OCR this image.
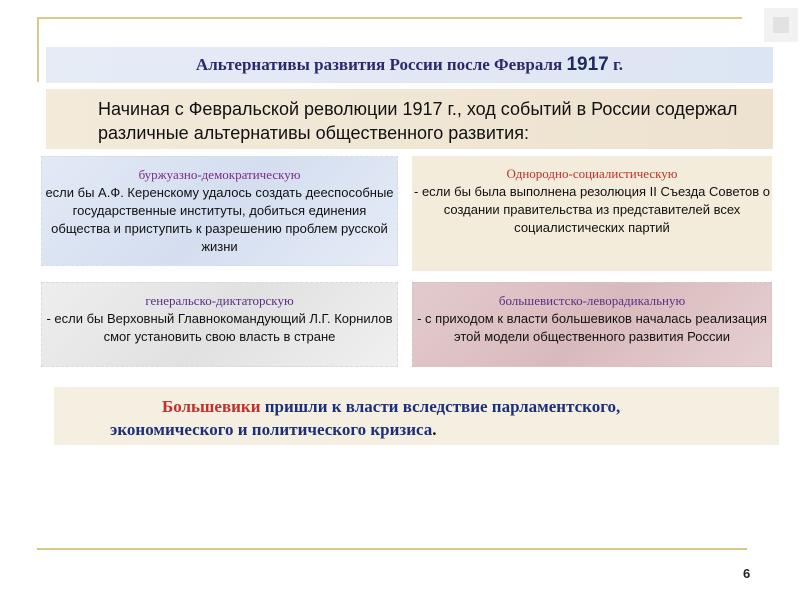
Альтернативы развития России после Февраля 1917 г.
Начиная с Февральской революции 1917 г., ход событий в России содержал различные альтернативы общественного развития:
буржуазно-демократическую
если бы А.Ф. Керенскому удалось создать дееспособные государственные институты, добиться единения общества и приступить к разрешению проблем русской жизни
Однородно-социалистическую
- если бы была выполнена резолюция II Съезда Советов о создании правительства из представителей всех социалистических партий
генеральско-диктаторскую
- если бы Верховный Главнокомандующий Л.Г. Корнилов смог установить свою власть в стране
большевистско-леворадикальную
- с приходом к власти большевиков началась реализация этой модели общественного развития России
Большевики пришли к власти вследствие парламентского,
экономического и политического кризиса.
6
